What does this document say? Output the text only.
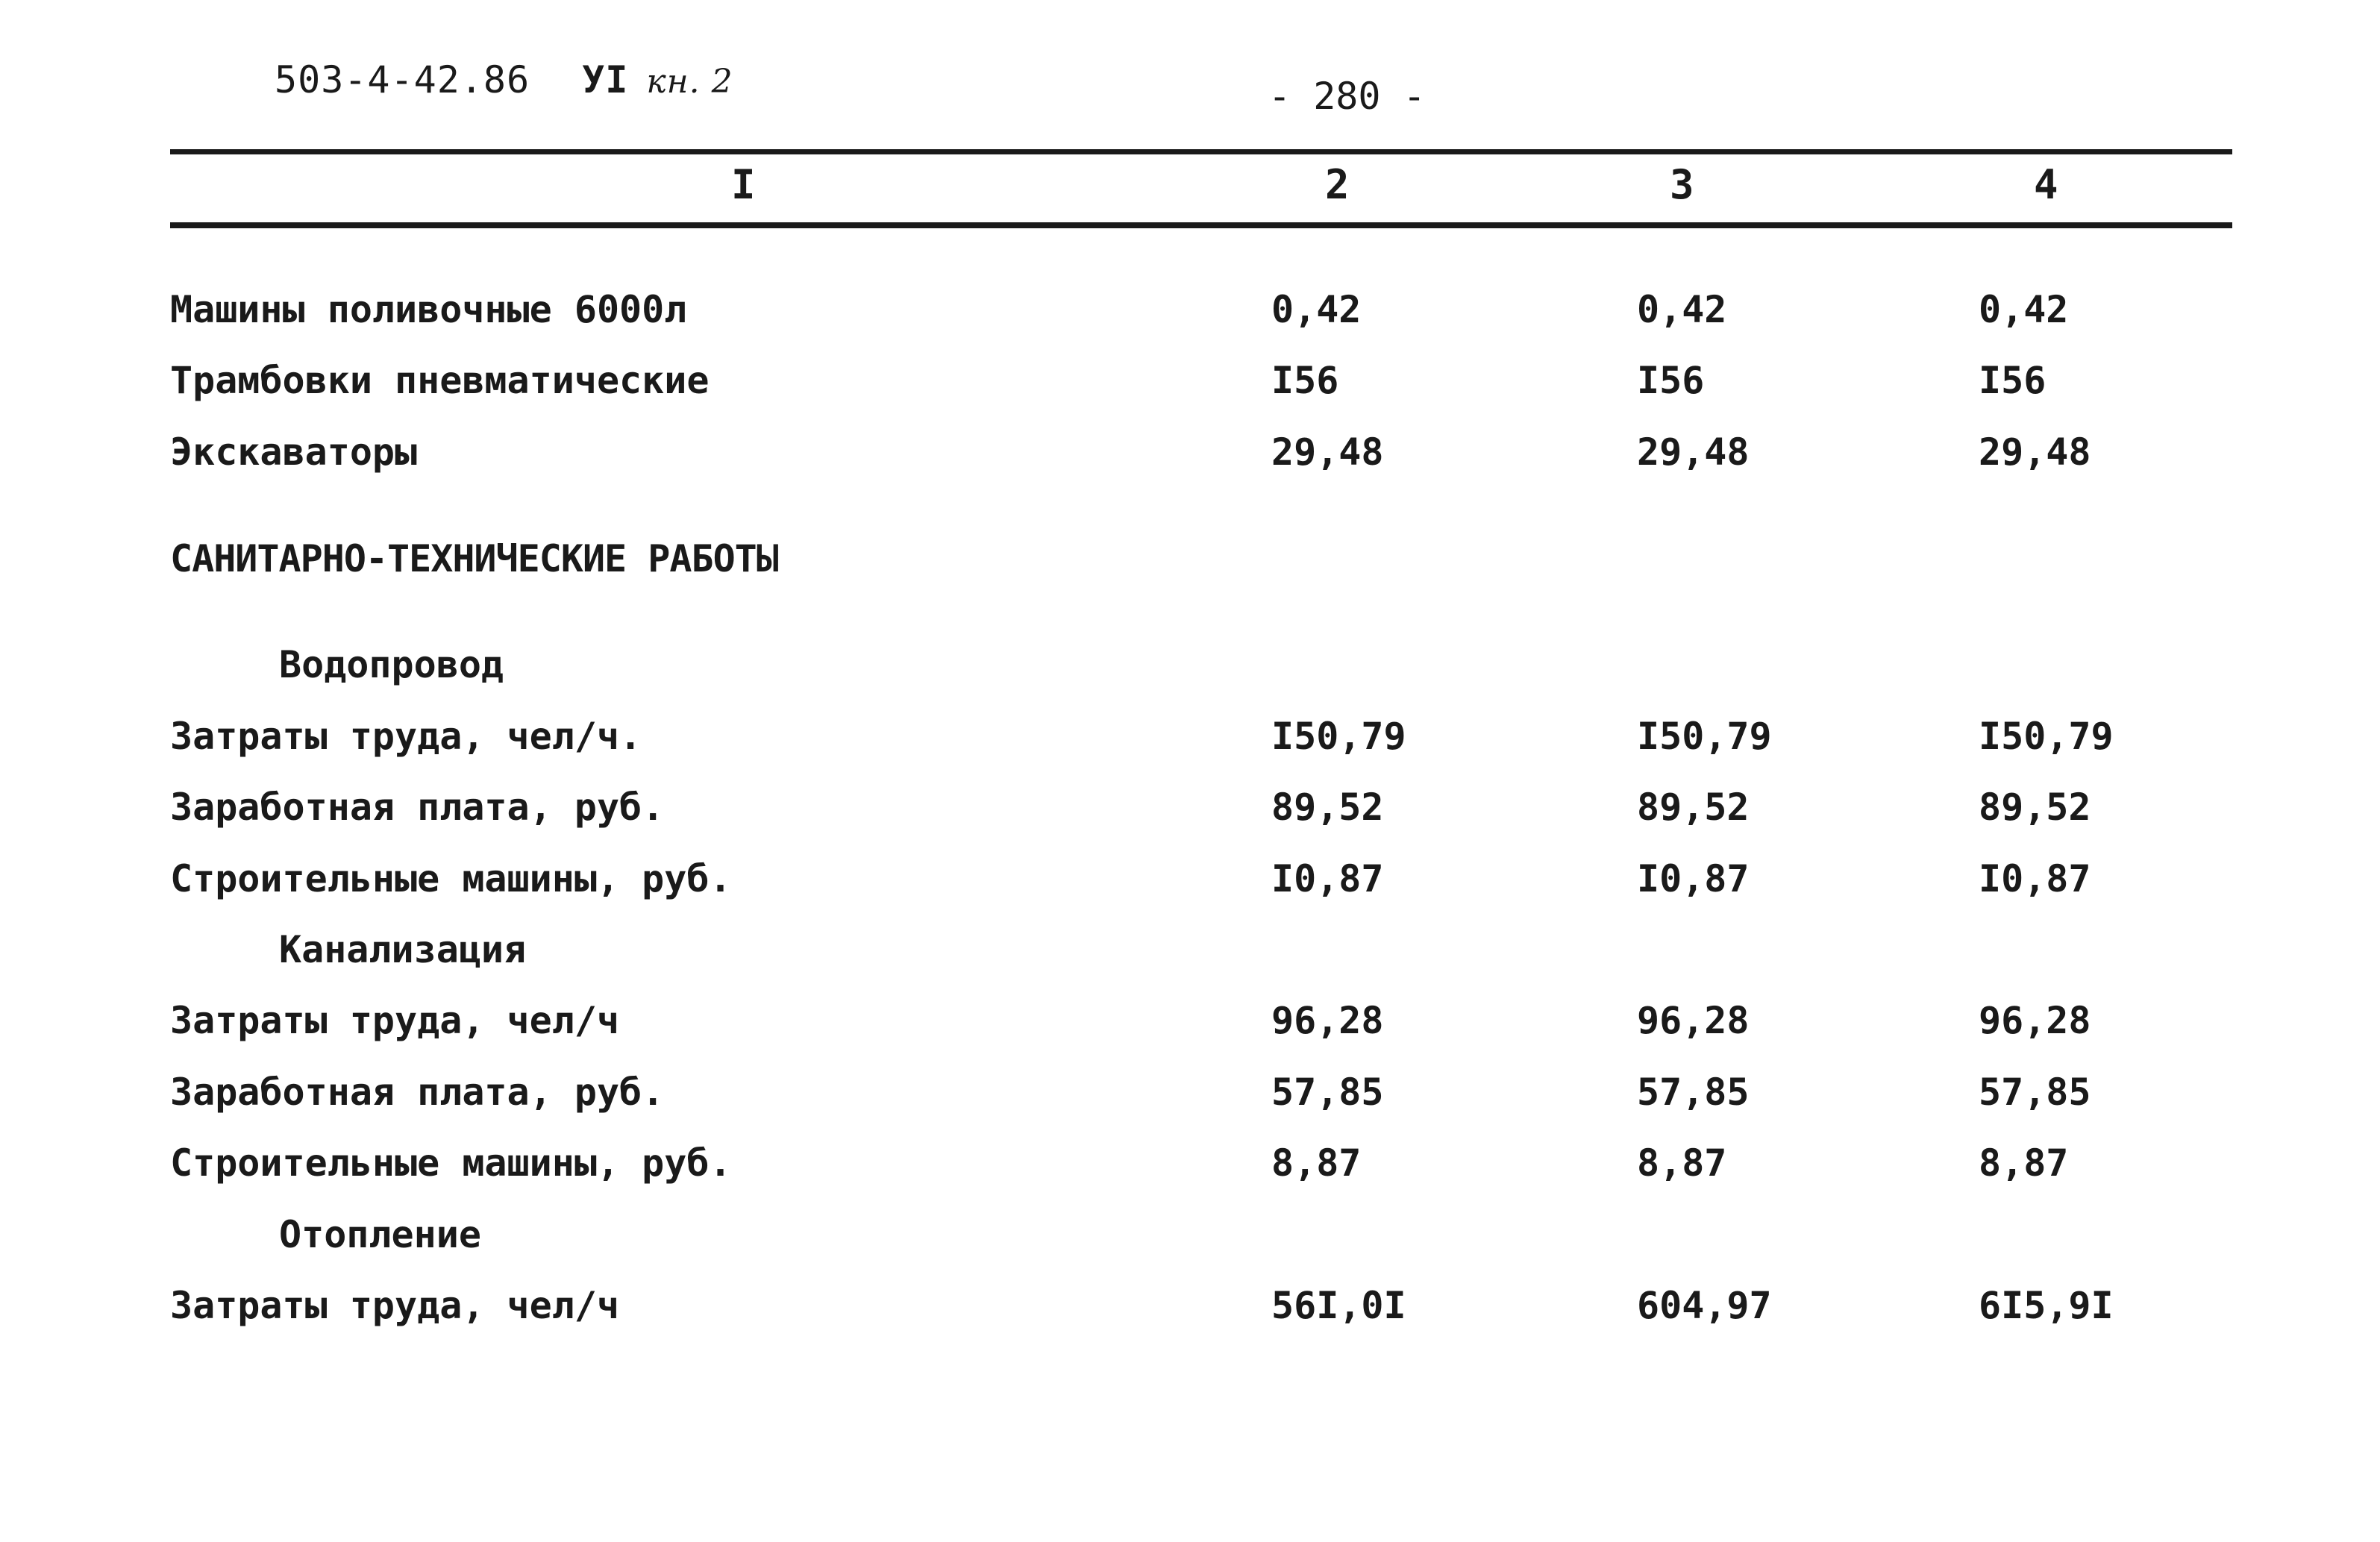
503-4-42.86 УI кн. 2	- 280 -
I	2	3	4
Машины поливочные 6000л	0,42	0,42	0,42
Трамбовки пневматические	I56	I56	I56
Экскаваторы	29,48	29,48	29,48
САНИТАРНО-ТЕХНИЧЕСКИЕ РАБОТЫ
Водопровод
Затраты труда, чел/ч.	I50,79	I50,79	I50,79
Заработная плата, руб.	89,52	89,52	89,52
Строительные машины, руб.	I0,87	I0,87	I0,87
Канализация
Затраты труда, чел/ч	96,28	96,28	96,28
Заработная плата, руб.	57,85	57,85	57,85
Строительные машины, руб.	8,87	8,87	8,87
Отопление
Затраты труда, чел/ч	56I,0I	604,97	6I5,9I
